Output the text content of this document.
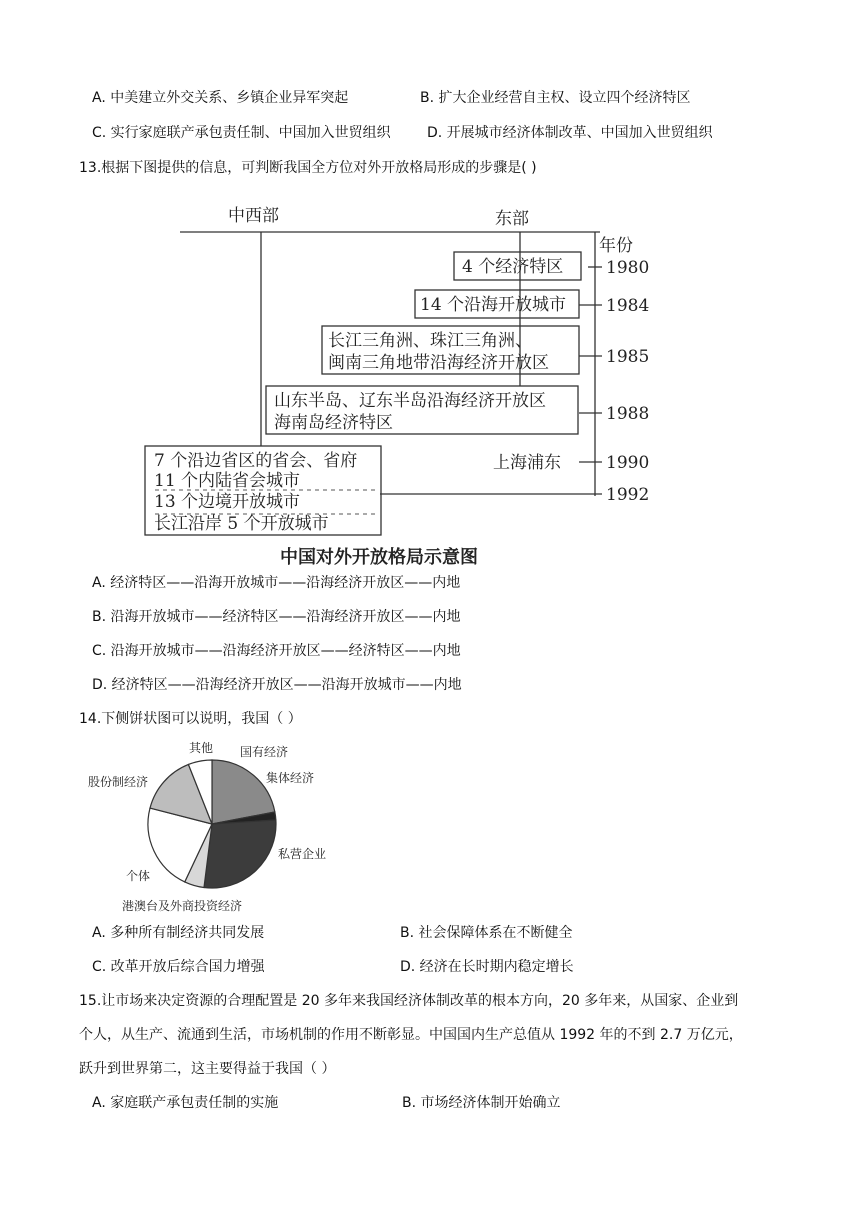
A. 中美建立外交关系、乡镇企业异军突起	B. 扩大企业经营自主权、设立四个经济特区
C. 实行家庭联产承包责任制、中国加入世贸组织	D. 开展城市经济体制改革、中国加入世贸组织
13.根据下图提供的信息，可判断我国全方位对外开放格局形成的步骤是( )
中西部	东部
年份
1980
1984
1985
1988
1990
1992
4 个经济特区
14 个沿海开放城市
长江三角洲、珠江三角洲、
闽南三角地带沿海经济开放区
山东半岛、辽东半岛沿海经济开放区
海南岛经济特区
上海浦东
7 个沿边省区的省会、省府
11 个内陆省会城市
13 个边境开放城市
长江沿岸 5 个开放城市
中国对外开放格局示意图
A. 经济特区——沿海开放城市——沿海经济开放区——内地
B. 沿海开放城市——经济特区——沿海经济开放区——内地
C. 沿海开放城市——沿海经济开放区——经济特区——内地
D. 经济特区——沿海经济开放区——沿海开放城市——内地
14.下侧饼状图可以说明，我国（ ）
其他 国有经济
集体经济
股份制经济
私营企业
个体
港澳台及外商投资经济
A. 多种所有制经济共同发展	B. 社会保障体系在不断健全
C. 改革开放后综合国力增强	D. 经济在长时期内稳定增长
15.让市场来决定资源的合理配置是 20 多年来我国经济体制改革的根本方向，20 多年来，从国家、企业到
个人，从生产、流通到生活，市场机制的作用不断彰显。中国国内生产总值从 1992 年的不到 2.7 万亿元，
跃升到世界第二，这主要得益于我国（ ）
A. 家庭联产承包责任制的实施	B. 市场经济体制开始确立
